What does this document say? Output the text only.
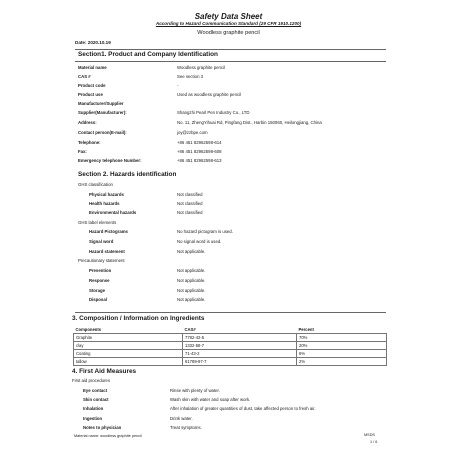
Safety Data Sheet
According to Hazard Communication Standard (29 CFR 1910.1200)
Woodless graphite pencil
Date: 2020.10.19
Section1. Product and Company Identification
Material name	Woodless graphite pencil
CAS #	See section 3
Product code	-
Product use	Used as woodless graphite pencil
Manufacturer/Supplier
Supplier(Manufacturer):	Shangzhi Pearl Pen Industry Co., LTD
Address:	No. 11, ZhengYihuai Rd, Pingfang Dist., Harbin 150060, Heilongjiang, China
Contact person(E-mail):	joy@zzbpe.com
Telephone:	+86 451 82962598-614
Fax:	+86 451 82962598-608
Emergency telephone Number:	+86 451 82962598-613
Section 2. Hazards identification
GHS classification
Physical hazards	Not classified
Health hazards	Not classified
Environmental hazards	Not classified
GHS label elements
Hazard Pictograms	No hazard pictogram is used.
Signal word	No signal word is used.
Hazard statement	Not applicable.
Precautionary statement
Prevention	Not applicable.
Response	Not applicable.
Storage	Not applicable.
Disposal	Not applicable.
3. Composition / Information on Ingredients
Components	CAS#	Percent
Graphite	7782-42-5	70%
clay	1332-58-7	20%
Coating	71-43-2	6%
tallow	61789-97-7	2%
4. First Aid Measures
First aid procedures
Eye contact	Rinse with plenty of water.
Skin contact	Wash skin with water and soap after work.
Inhalation	After inhalation of greater quantities of dust, take affected person to fresh air.
Ingestion	Drink water.
Notes to physician	Treat symptoms.
Material name: woodless graphite pencil	MSDS
1 / 6
